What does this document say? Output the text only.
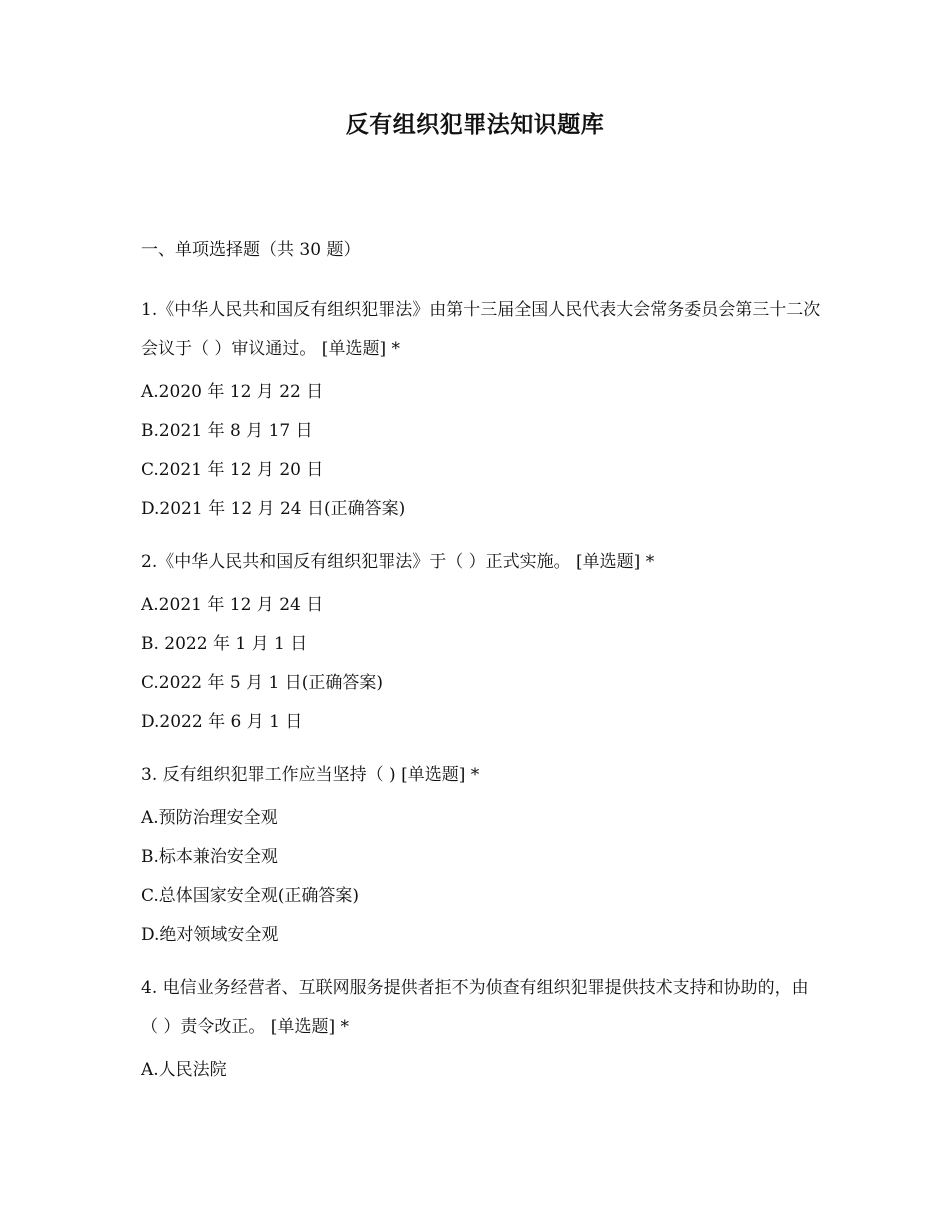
反有组织犯罪法知识题库
一、单项选择题（共 30 题）

1.《中华人民共和国反有组织犯罪法》由第十三届全国人民代表大会常务委员会第三十二次会议于（ ）审议通过。 [单选题] *

A.2020 年 12 月 22 日

B.2021 年 8 月 17 日

C.2021 年 12 月 20 日

D.2021 年 12 月 24 日(正确答案)

2.《中华人民共和国反有组织犯罪法》于（ ）正式实施。 [单选题] *

A.2021 年 12 月 24 日

B. 2022 年 1 月 1 日

C.2022 年 5 月 1 日(正确答案)

D.2022 年 6 月 1 日

3. 反有组织犯罪工作应当坚持（ ) [单选题] *

A.预防治理安全观

B.标本兼治安全观

C.总体国家安全观(正确答案)

D.绝对领域安全观

4. 电信业务经营者、互联网服务提供者拒不为侦查有组织犯罪提供技术支持和协助的，由（ ）责令改正。 [单选题] *

A.人民法院
